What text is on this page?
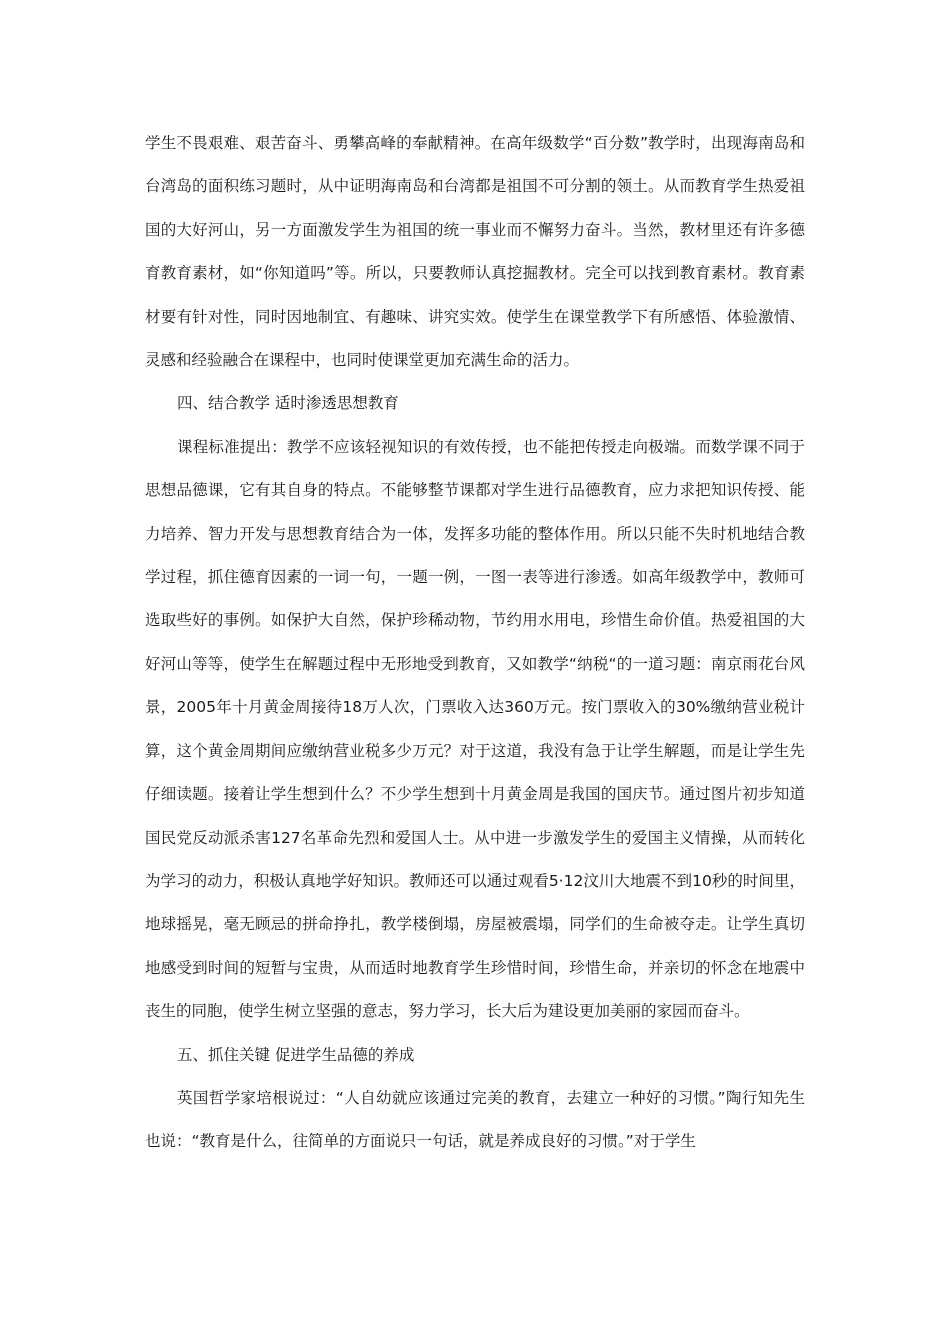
学生不畏艰难、艰苦奋斗、勇攀高峰的奉献精神。在高年级数学“百分数”教学时，出现海南岛和台湾岛的面积练习题时，从中证明海南岛和台湾都是祖国不可分割的领土。从而教育学生热爱祖国的大好河山，另一方面激发学生为祖国的统一事业而不懈努力奋斗。当然，教材里还有许多德育教育素材，如“你知道吗”等。所以，只要教师认真挖掘教材。完全可以找到教育素材。教育素材要有针对性，同时因地制宜、有趣味、讲究实效。使学生在课堂教学下有所感悟、体验激情、灵感和经验融合在课程中，也同时使课堂更加充满生命的活力。

四、结合教学 适时渗透思想教育

课程标准提出：教学不应该轻视知识的有效传授，也不能把传授走向极端。而数学课不同于思想品德课，它有其自身的特点。不能够整节课都对学生进行品德教育，应力求把知识传授、能力培养、智力开发与思想教育结合为一体，发挥多功能的整体作用。所以只能不失时机地结合教学过程，抓住德育因素的一词一句，一题一例，一图一表等进行渗透。如高年级教学中，教师可选取些好的事例。如保护大自然，保护珍稀动物，节约用水用电，珍惜生命价值。热爱祖国的大好河山等等，使学生在解题过程中无形地受到教育，又如教学“纳税“的一道习题：南京雨花台风景，2005年十月黄金周接待18万人次，门票收入达360万元。按门票收入的30%缴纳营业税计算，这个黄金周期间应缴纳营业税多少万元？对于这道，我没有急于让学生解题，而是让学生先仔细读题。接着让学生想到什么？不少学生想到十月黄金周是我国的国庆节。通过图片初步知道国民党反动派杀害127名革命先烈和爱国人士。从中进一步激发学生的爱国主义情操，从而转化为学习的动力，积极认真地学好知识。教师还可以通过观看5·12汶川大地震不到10秒的时间里，地球摇晃，毫无顾忌的拼命挣扎，教学楼倒塌，房屋被震塌，同学们的生命被夺走。让学生真切地感受到时间的短暂与宝贵，从而适时地教育学生珍惜时间，珍惜生命，并亲切的怀念在地震中丧生的同胞，使学生树立坚强的意志，努力学习，长大后为建设更加美丽的家园而奋斗。

五、抓住关键 促进学生品德的养成

英国哲学家培根说过：“人自幼就应该通过完美的教育，去建立一种好的习惯。”陶行知先生也说：“教育是什么，往简单的方面说只一句话，就是养成良好的习惯。”对于学生
